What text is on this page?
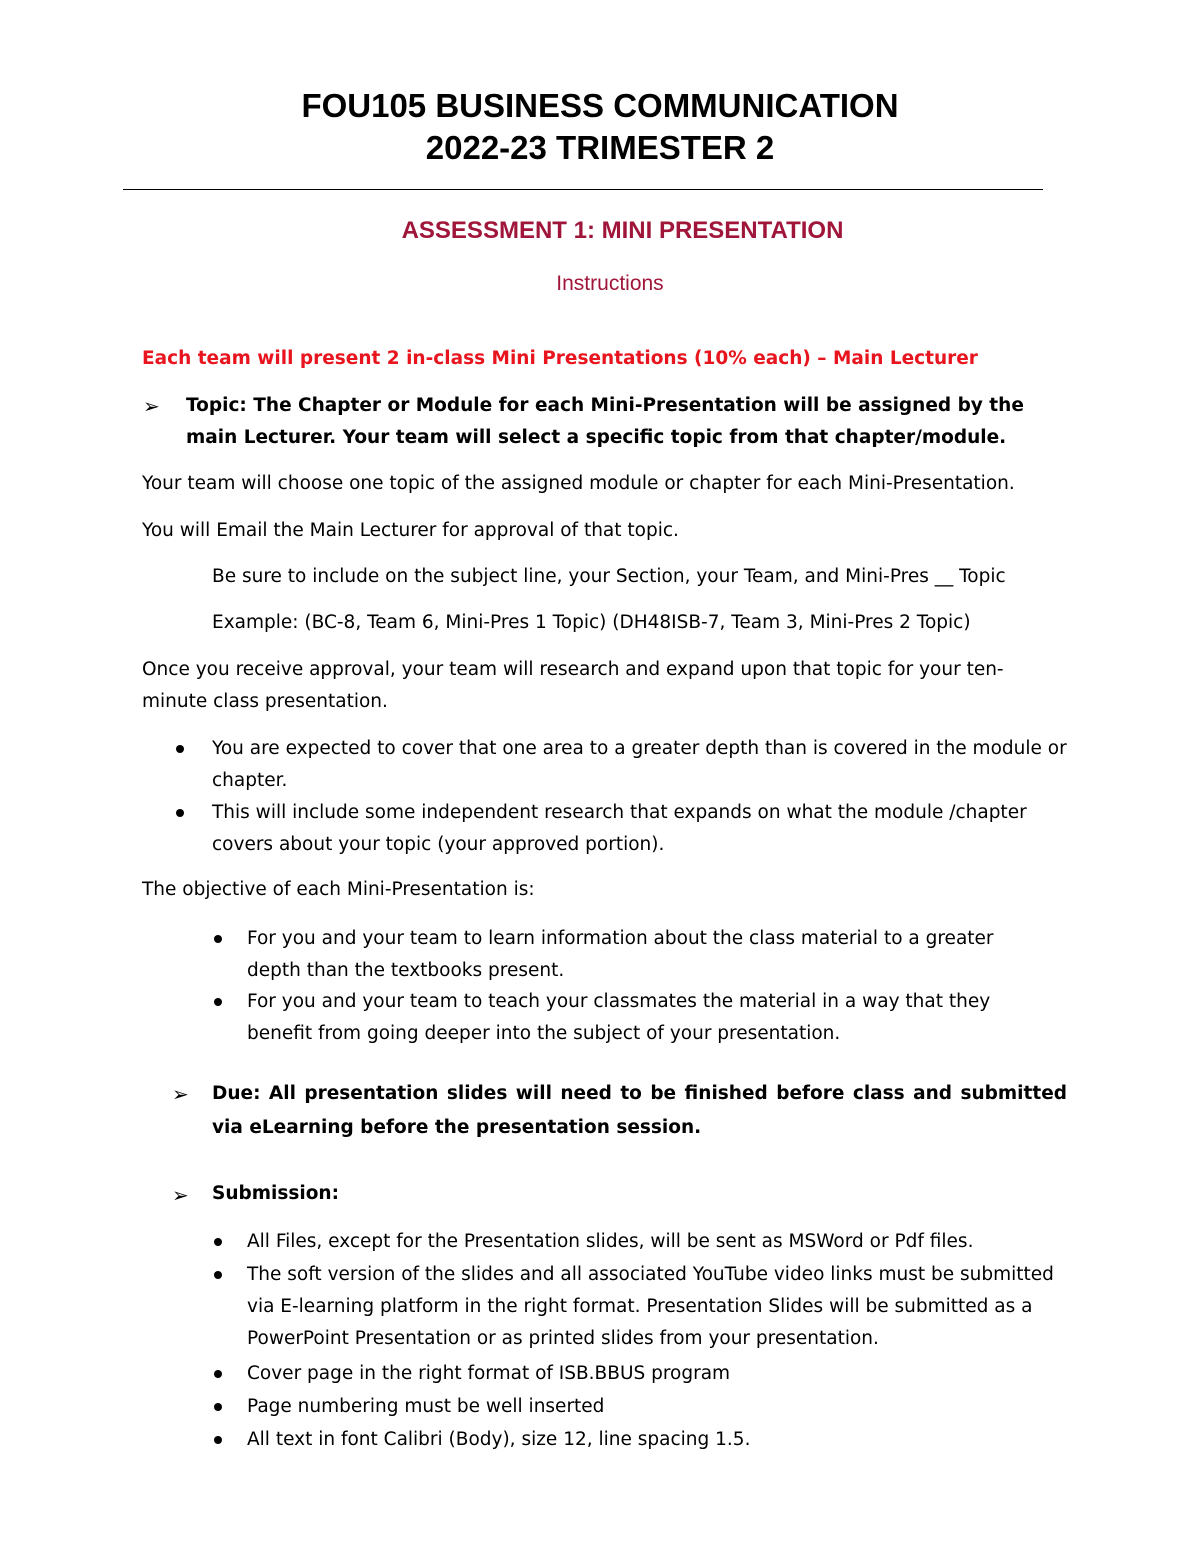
FOU105 BUSINESS COMMUNICATION
2022-23 TRIMESTER 2
ASSESSMENT 1: MINI PRESENTATION
Instructions
Each team will present 2 in-class Mini Presentations (10% each) – Main Lecturer
➢ Topic: The Chapter or Module for each Mini-Presentation will be assigned by the main Lecturer. Your team will select a specific topic from that chapter/module.
Your team will choose one topic of the assigned module or chapter for each Mini-Presentation.
You will Email the Main Lecturer for approval of that topic.
Be sure to include on the subject line, your Section, your Team, and Mini-Pres __ Topic
Example: (BC-8, Team 6, Mini-Pres 1 Topic) (DH48ISB-7, Team 3, Mini-Pres 2 Topic)
Once you receive approval, your team will research and expand upon that topic for your ten-minute class presentation.
You are expected to cover that one area to a greater depth than is covered in the module or chapter.
This will include some independent research that expands on what the module /chapter covers about your topic (your approved portion).
The objective of each Mini-Presentation is:
For you and your team to learn information about the class material to a greater depth than the textbooks present.
For you and your team to teach your classmates the material in a way that they benefit from going deeper into the subject of your presentation.
➢ Due: All presentation slides will need to be finished before class and submitted via eLearning before the presentation session.
➢ Submission:
All Files, except for the Presentation slides, will be sent as MSWord or Pdf files.
The soft version of the slides and all associated YouTube video links must be submitted via E-learning platform in the right format. Presentation Slides will be submitted as a PowerPoint Presentation or as printed slides from your presentation.
Cover page in the right format of ISB.BBUS program
Page numbering must be well inserted
All text in font Calibri (Body), size 12, line spacing 1.5.
